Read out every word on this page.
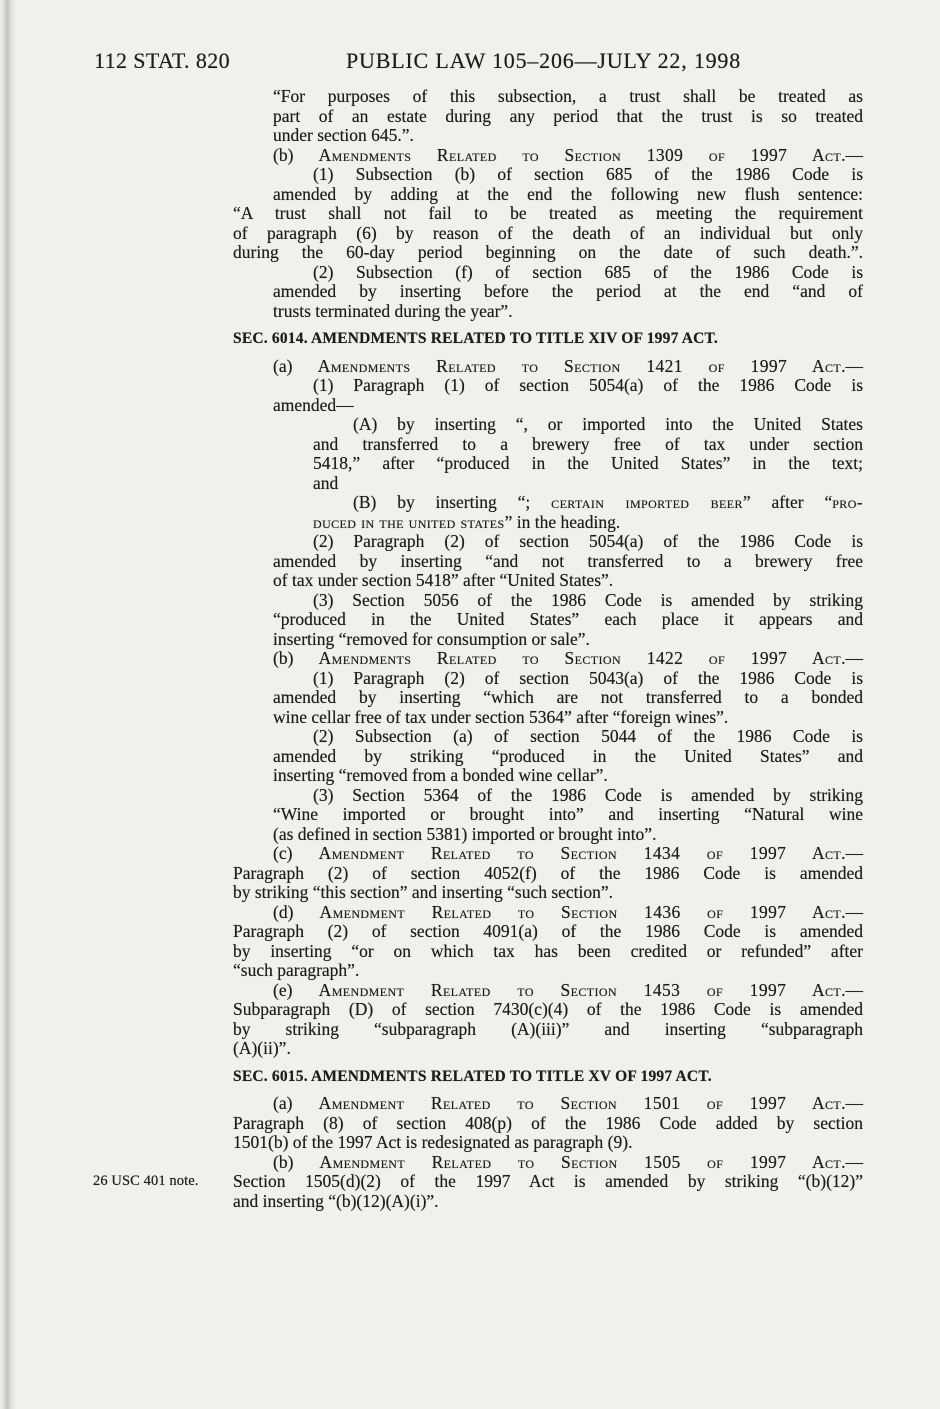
112 STAT. 820	PUBLIC LAW 105–206—JULY 22, 1998
“For purposes of this subsection, a trust shall be treated as
part of an estate during any period that the trust is so treated
under section 645.”.
(b) Amendments Related to Section 1309 of 1997 Act.—
(1) Subsection (b) of section 685 of the 1986 Code is
amended by adding at the end the following new flush sentence:
“A trust shall not fail to be treated as meeting the requirement
of paragraph (6) by reason of the death of an individual but only
during the 60-day period beginning on the date of such death.”.
(2) Subsection (f) of section 685 of the 1986 Code is
amended by inserting before the period at the end “and of
trusts terminated during the year”.
SEC. 6014. AMENDMENTS RELATED TO TITLE XIV OF 1997 ACT.
(a) Amendments Related to Section 1421 of 1997 Act.—
(1) Paragraph (1) of section 5054(a) of the 1986 Code is
amended—
(A) by inserting “, or imported into the United States
and transferred to a brewery free of tax under section
5418,” after “produced in the United States” in the text;
and
(B) by inserting “; certain imported beer” after “pro-
duced in the united states” in the heading.
(2) Paragraph (2) of section 5054(a) of the 1986 Code is
amended by inserting “and not transferred to a brewery free
of tax under section 5418” after “United States”.
(3) Section 5056 of the 1986 Code is amended by striking
“produced in the United States” each place it appears and
inserting “removed for consumption or sale”.
(b) Amendments Related to Section 1422 of 1997 Act.—
(1) Paragraph (2) of section 5043(a) of the 1986 Code is
amended by inserting “which are not transferred to a bonded
wine cellar free of tax under section 5364” after “foreign wines”.
(2) Subsection (a) of section 5044 of the 1986 Code is
amended by striking “produced in the United States” and
inserting “removed from a bonded wine cellar”.
(3) Section 5364 of the 1986 Code is amended by striking
“Wine imported or brought into” and inserting “Natural wine
(as defined in section 5381) imported or brought into”.
(c) Amendment Related to Section 1434 of 1997 Act.—
Paragraph (2) of section 4052(f) of the 1986 Code is amended
by striking “this section” and inserting “such section”.
(d) Amendment Related to Section 1436 of 1997 Act.—
Paragraph (2) of section 4091(a) of the 1986 Code is amended
by inserting “or on which tax has been credited or refunded” after
“such paragraph”.
(e) Amendment Related to Section 1453 of 1997 Act.—
Subparagraph (D) of section 7430(c)(4) of the 1986 Code is amended
by striking “subparagraph (A)(iii)” and inserting “subparagraph
(A)(ii)”.
SEC. 6015. AMENDMENTS RELATED TO TITLE XV OF 1997 ACT.
(a) Amendment Related to Section 1501 of 1997 Act.—
Paragraph (8) of section 408(p) of the 1986 Code added by section
1501(b) of the 1997 Act is redesignated as paragraph (9).
(b) Amendment Related to Section 1505 of 1997 Act.—
Section 1505(d)(2) of the 1997 Act is amended by striking “(b)(12)”
26 USC 401 note.
and inserting “(b)(12)(A)(i)”.
